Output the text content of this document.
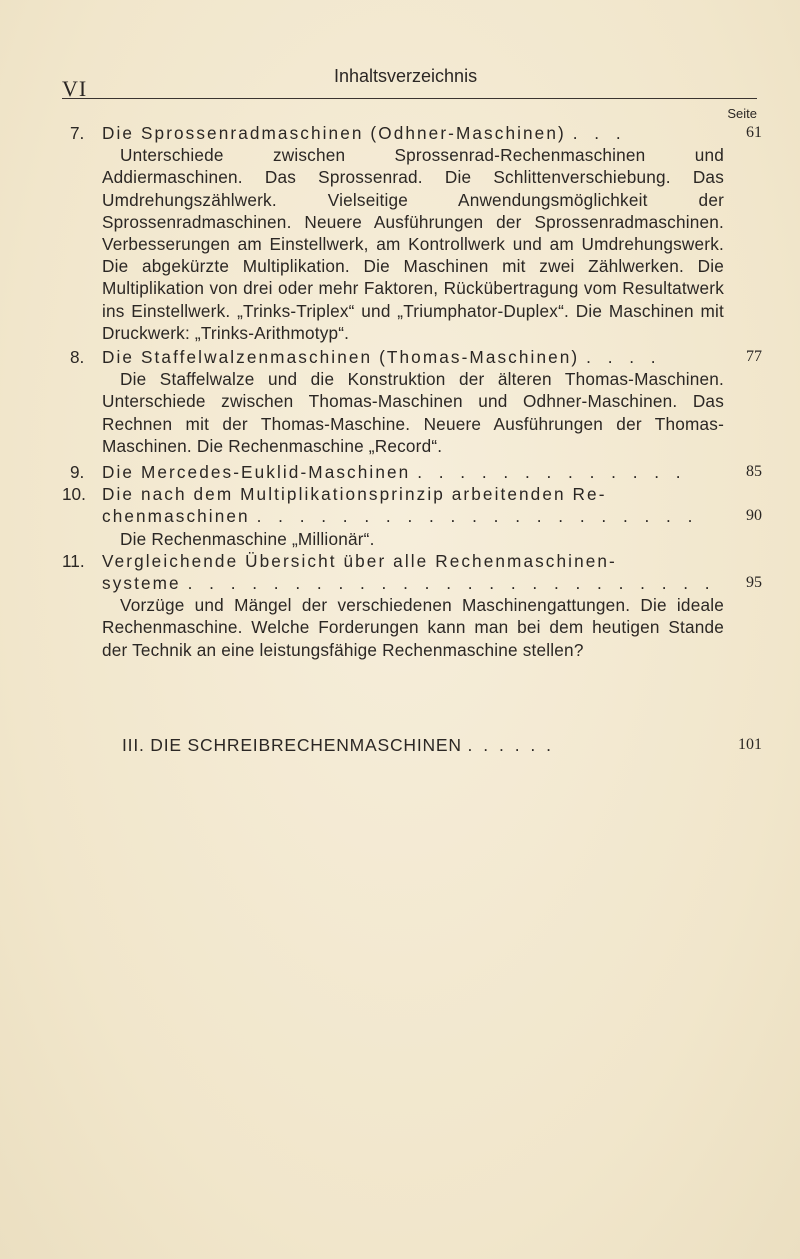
VI	Inhaltsverzeichnis
Seite
7.	Die Sprossenradmaschinen (Odhner-Maschinen) . . .	61
Unterschiede zwischen Sprossenrad-Rechenmaschinen und Addiermaschinen. Das Sprossenrad. Die Schlittenverschiebung. Das Umdrehungszählwerk. Vielseitige Anwendungsmöglichkeit der Sprossenradmaschinen. Neuere Ausführungen der Sprossenradmaschinen. Verbesserungen am Einstellwerk, am Kontrollwerk und am Umdrehungswerk. Die abgekürzte Multiplikation. Die Maschinen mit zwei Zählwerken. Die Multiplikation von drei oder mehr Faktoren, Rückübertragung vom Resultatwerk ins Einstellwerk. „Trinks-Triplex“ und „Triumphator-Duplex“. Die Maschinen mit Druckwerk: „Trinks-Arithmotyp“.
8.	Die Staffelwalzenmaschinen (Thomas-Maschinen) . . . .	77
Die Staffelwalze und die Konstruktion der älteren Thomas-Maschinen. Unterschiede zwischen Thomas-Maschinen und Odhner-Maschinen. Das Rechnen mit der Thomas-Maschine. Neuere Ausführungen der Thomas-Maschinen. Die Rechenmaschine „Record“.
9.	Die Mercedes-Euklid-Maschinen . . . . . . . . . . . . .	85
10. Die nach dem Multiplikationsprinzip arbeitenden Re-
chenmaschinen . . . . . . . . . . . . . . . . . . . . .	90
Die Rechenmaschine „Millionär“.
11.	Vergleichende Übersicht über alle Rechenmaschinen-
systeme . . . . . . . . . . . . . . . . . . . . . . . . .	95
Vorzüge und Mängel der verschiedenen Maschinengattungen. Die ideale Rechenmaschine. Welche Forderungen kann man bei dem heutigen Stande der Technik an eine leistungsfähige Rechenmaschine stellen?
III. DIE SCHREIBRECHENMASCHINEN . . . . . .	101
